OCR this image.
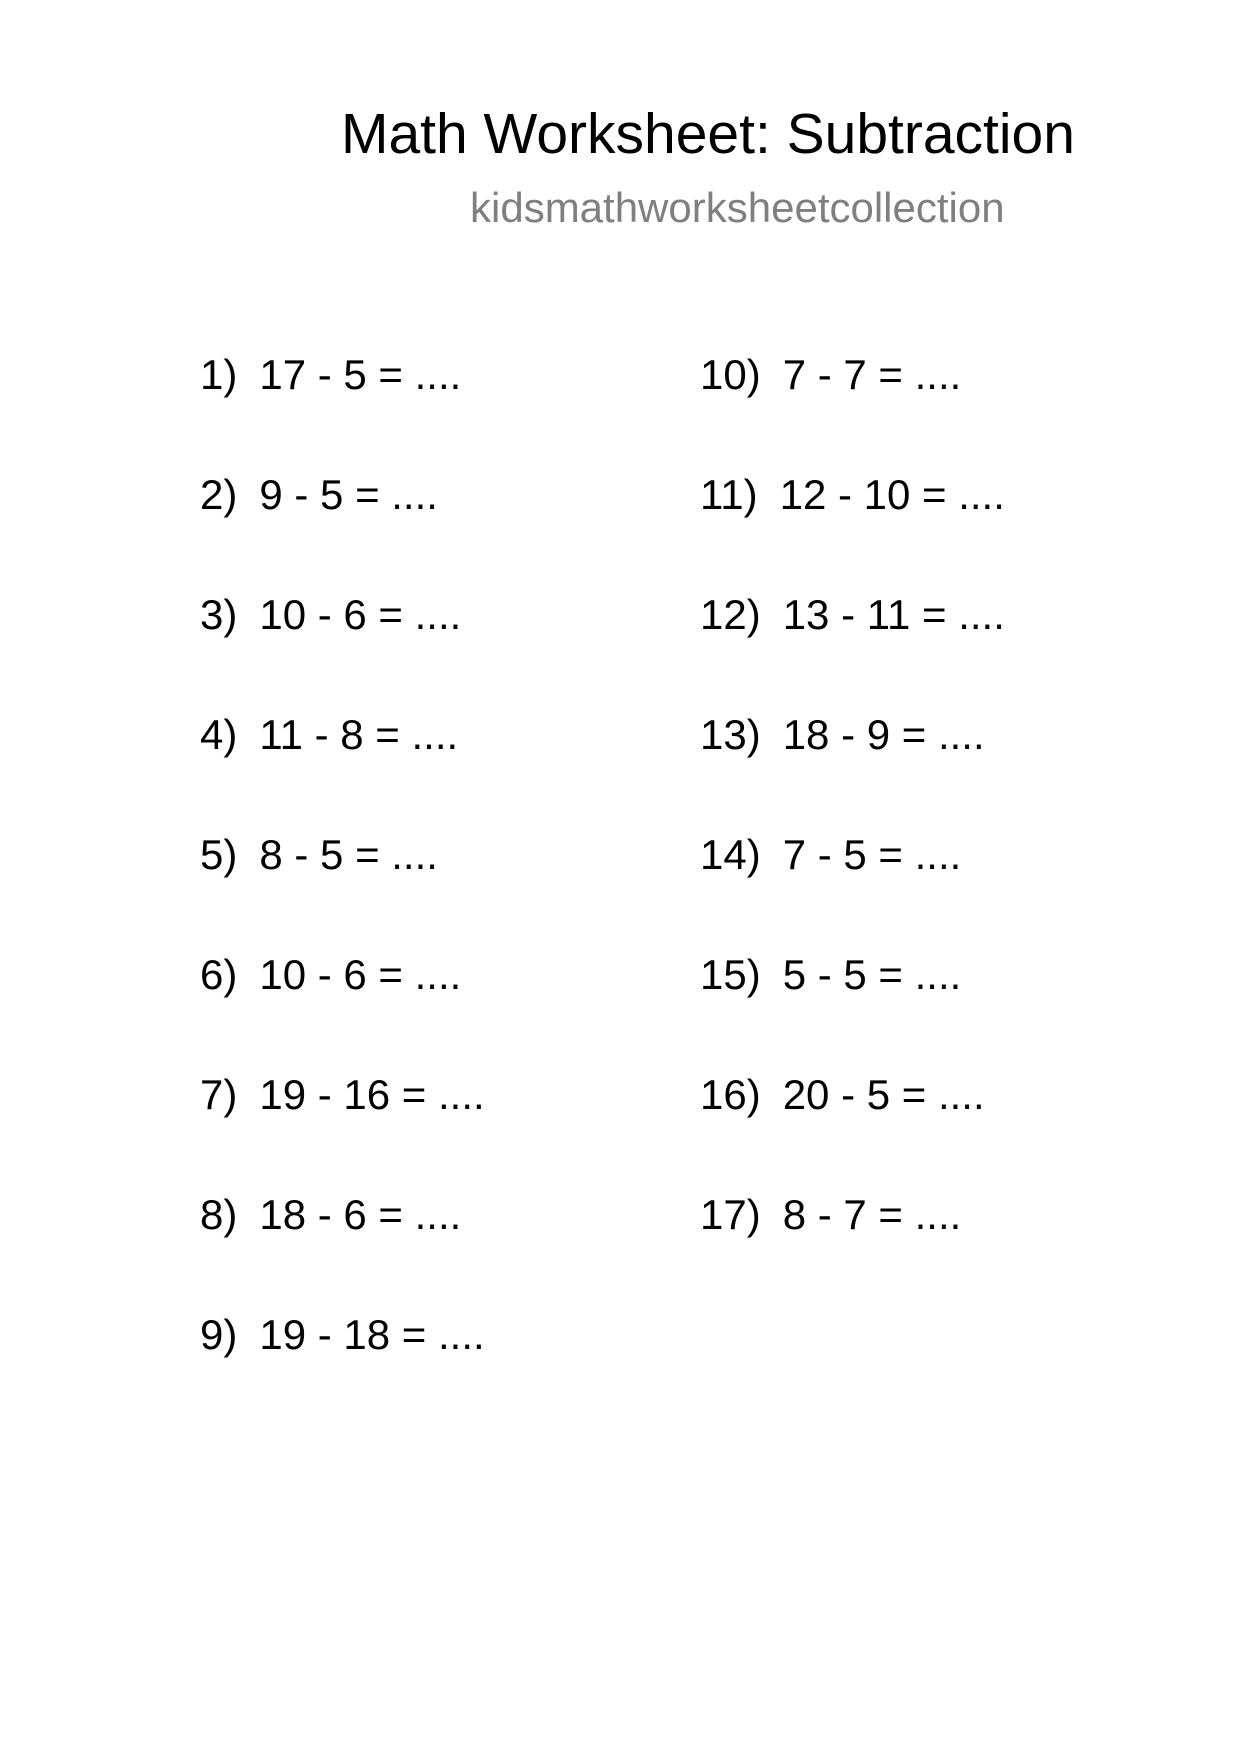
Math Worksheet: Subtraction
kidsmathworksheetcollection
1) 17 - 5 = ....
2) 9 - 5 = ....
3) 10 - 6 = ....
4) 11 - 8 = ....
5) 8 - 5 = ....
6) 10 - 6 = ....
7) 19 - 16 = ....
8) 18 - 6 = ....
9) 19 - 18 = ....
10) 7 - 7 = ....
11) 12 - 10 = ....
12) 13 - 11 = ....
13) 18 - 9 = ....
14) 7 - 5 = ....
15) 5 - 5 = ....
16) 20 - 5 = ....
17) 8 - 7 = ....
